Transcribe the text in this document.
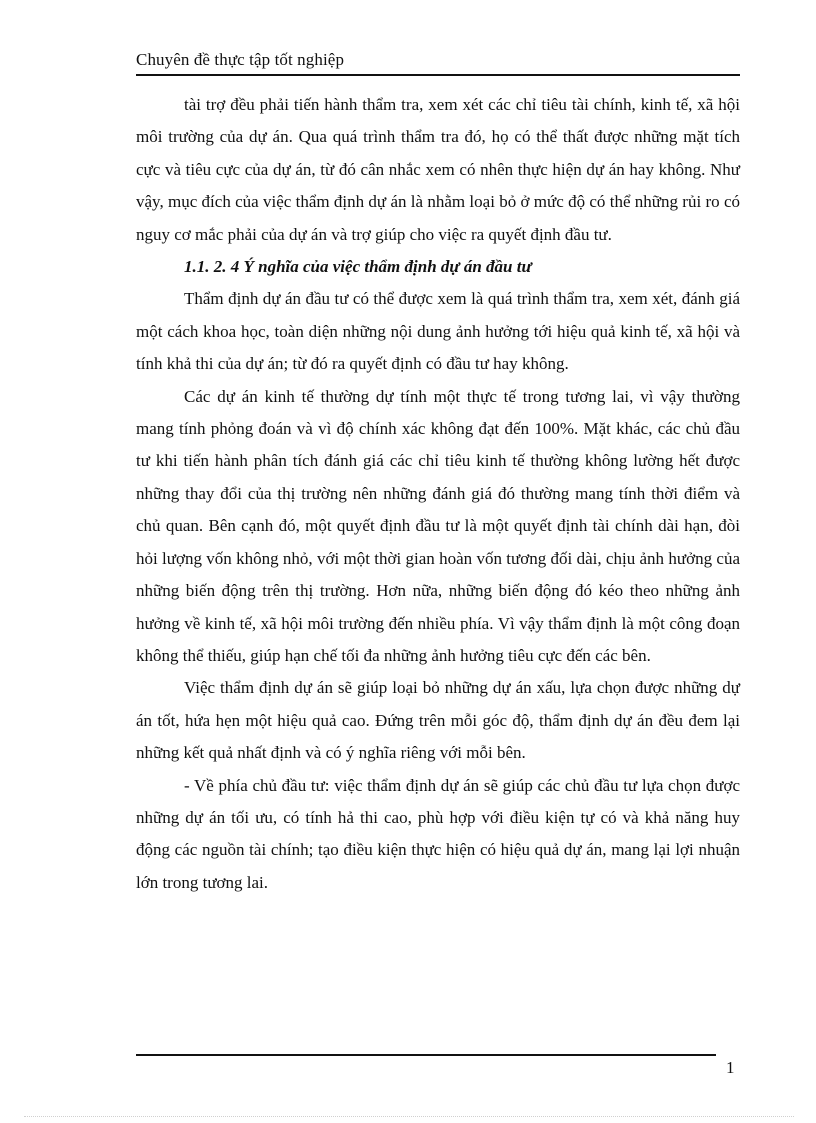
Chuyên đề thực tập tốt nghiệp

tài trợ đều phải tiến hành thẩm tra, xem xét các chỉ tiêu tài chính, kinh tế, xã hội môi trường của dự án. Qua quá trình thẩm tra đó, họ có thể thất được những mặt tích cực và tiêu cực của dự án, từ đó cân nhắc xem có nhên thực hiện dự án hay không. Như vậy, mục đích của việc thẩm định dự án là nhằm loại bỏ ở mức độ có thể những rủi ro có nguy cơ mắc phải của dự án và trợ giúp cho việc ra quyết định đầu tư.

1.1. 2. 4 Ý nghĩa của việc thẩm định dự án đầu tư

Thẩm định dự án đầu tư có thể được xem là quá trình thẩm tra, xem xét, đánh giá một cách khoa học, toàn diện những nội dung ảnh hưởng tới hiệu quả kinh tế, xã hội và tính khả thi của dự án; từ đó ra quyết định có đầu tư hay không.

Các dự án kinh tế thường dự tính một thực tế trong tương lai, vì vậy thường mang tính phỏng đoán và vì độ chính xác không đạt đến 100%. Mặt khác, các chủ đầu tư khi tiến hành phân tích đánh giá các chỉ tiêu kinh tế thường không lường hết được những thay đổi của thị trường nên những đánh giá đó thường mang tính thời điểm và chủ quan. Bên cạnh đó, một quyết định đầu tư là một quyết định tài chính dài hạn, đòi hỏi lượng vốn không nhỏ, với một thời gian hoàn vốn tương đối dài, chịu ảnh hưởng của những biến động trên thị trường. Hơn nữa, những biến động đó kéo theo những ảnh hưởng về kinh tế, xã hội môi trường đến nhiều phía. Vì vậy thẩm định là một công đoạn không thể thiếu, giúp hạn chế tối đa những ảnh hưởng tiêu cực đến các bên.

Việc thẩm định dự án sẽ giúp loại bỏ những dự án xấu, lựa chọn được những dự án tốt, hứa hẹn một hiệu quả cao. Đứng trên mỗi góc độ, thẩm định dự án đều đem lại những kết quả nhất định và có ý nghĩa riêng với mỗi bên.

- Về phía chủ đầu tư: việc thẩm định dự án sẽ giúp các chủ đầu tư lựa chọn được những dự án tối ưu, có tính hả thi cao, phù hợp với điều kiện tự có và khả năng huy động các nguồn tài chính; tạo điều kiện thực hiện có hiệu quả dự án, mang lại lợi nhuận lớn trong tương lai.

1
